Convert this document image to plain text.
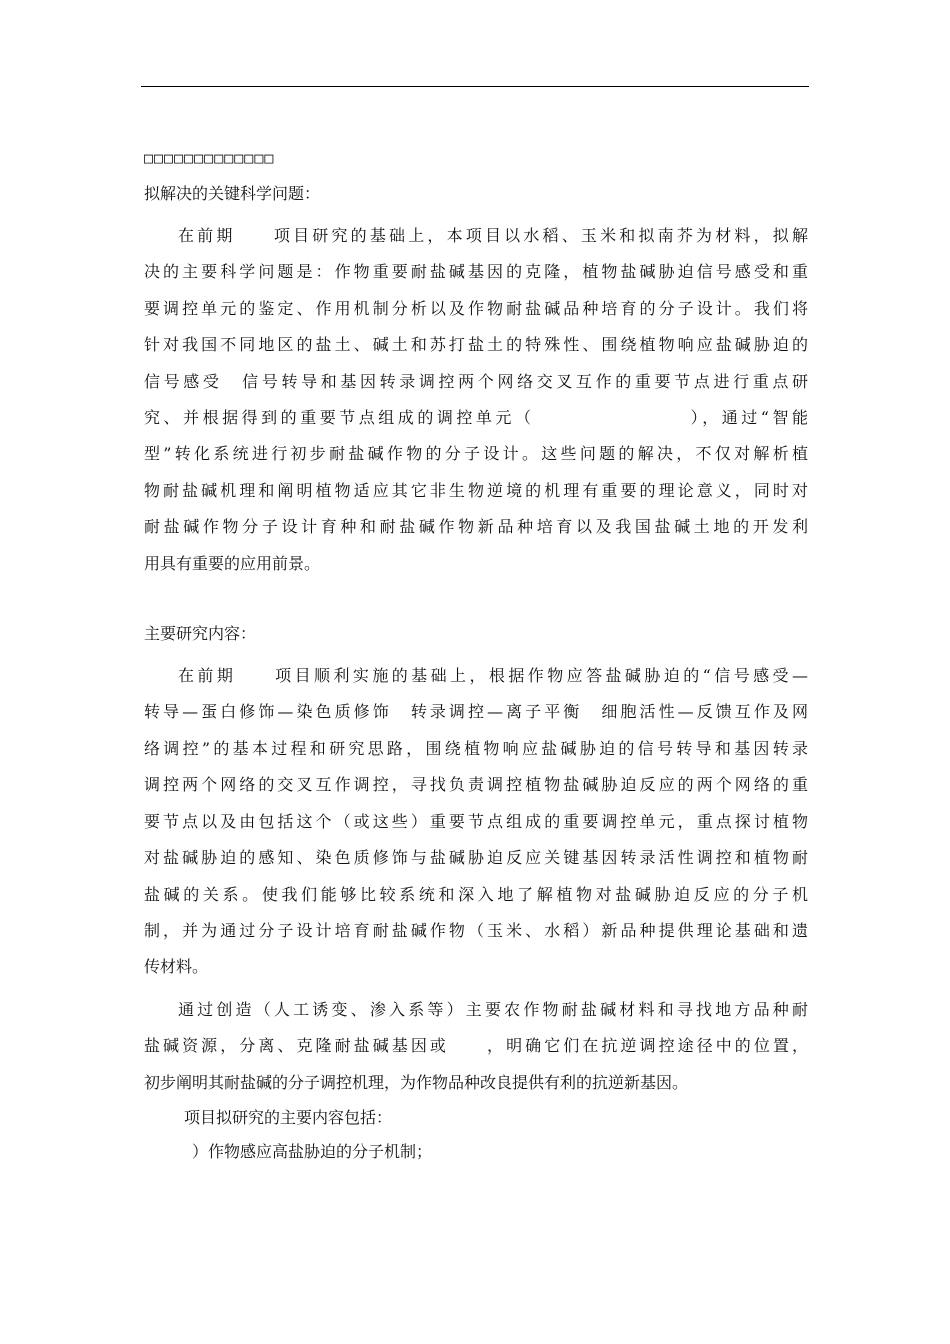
□□□□□□□□□□□□□

拟解决的关键科学问题：

在前期　　项目研究的基础上，本项目以水稻、玉米和拟南芥为材料，拟解
决的主要科学问题是：作物重要耐盐碱基因的克隆，植物盐碱胁迫信号感受和重
要调控单元的鉴定、作用机制分析以及作物耐盐碱品种培育的分子设计。我们将
针对我国不同地区的盐土、碱土和苏打盐土的特殊性、围绕植物响应盐碱胁迫的
信号感受　信号转导和基因转录调控两个网络交叉互作的重要节点进行重点研
究、并根据得到的重要节点组成的调控单元（　　　　　　　　），通过“智能
型”转化系统进行初步耐盐碱作物的分子设计。这些问题的解决，不仅对解析植
物耐盐碱机理和阐明植物适应其它非生物逆境的机理有重要的理论意义，同时对
耐盐碱作物分子设计育种和耐盐碱作物新品种培育以及我国盐碱土地的开发利
用具有重要的应用前景。

主要研究内容：

在前期　　项目顺利实施的基础上，根据作物应答盐碱胁迫的“信号感受—
转导—蛋白修饰—染色质修饰　转录调控—离子平衡　细胞活性—反馈互作及网
络调控”的基本过程和研究思路，围绕植物响应盐碱胁迫的信号转导和基因转录
调控两个网络的交叉互作调控，寻找负责调控植物盐碱胁迫反应的两个网络的重
要节点以及由包括这个（或这些）重要节点组成的重要调控单元，重点探讨植物
对盐碱胁迫的感知、染色质修饰与盐碱胁迫反应关键基因转录活性调控和植物耐
盐碱的关系。使我们能够比较系统和深入地了解植物对盐碱胁迫反应的分子机
制，并为通过分子设计培育耐盐碱作物（玉米、水稻）新品种提供理论基础和遗
传材料。

通过创造（人工诱变、渗入系等）主要农作物耐盐碱材料和寻找地方品种耐
盐碱资源，分离、克隆耐盐碱基因或　　，明确它们在抗逆调控途径中的位置，
初步阐明其耐盐碱的分子调控机理，为作物品种改良提供有利的抗逆新基因。

项目拟研究的主要内容包括：

）作物感应高盐胁迫的分子机制；
